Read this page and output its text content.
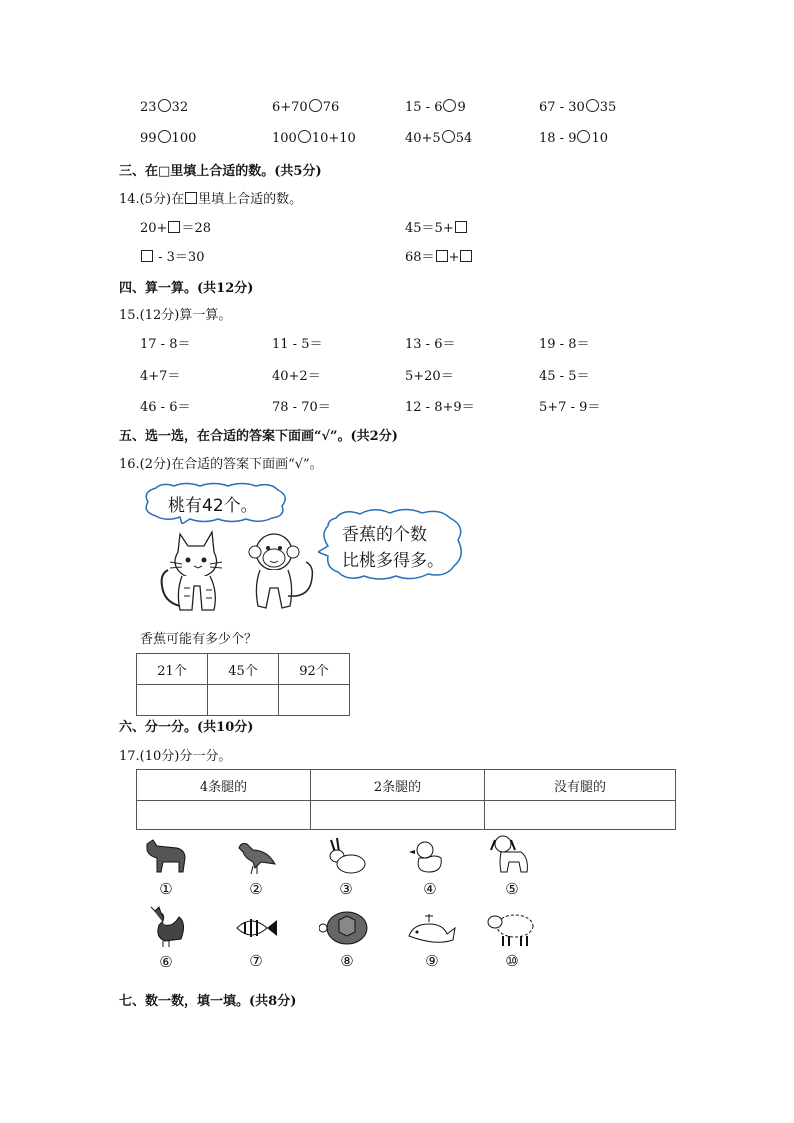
23 32	6+70 76	15 - 6 9	67 - 30 35
99 100	100 10+10	40+5 54	18 - 9 10
三、在□里填上合适的数。(共5分)
14.(5分)在 里填上合适的数。
20+ ＝28	45＝5+
- 3＝30	68＝ +
四、算一算。(共12分)
15.(12分)算一算。
17 - 8＝	11 - 5＝	13 - 6＝	19 - 8＝
4+7＝	40+2＝	5+20＝	45 - 5＝
46 - 6＝	78 - 70＝	12 - 8+9＝	5+7 - 9＝
五、选一选，在合适的答案下面画“√”。(共2分)
16.(2分)在合适的答案下面画“√”。
桃有42个。
香蕉的个数
比桃多得多。
香蕉可能有多少个？
21个	45个	92个

六、分一分。(共10分)
17.(10分)分一分。
4条腿的	2条腿的	没有腿的

①	②	③	④	⑤
⑥	⑦	⑧	⑨	⑩
七、数一数，填一填。(共8分)
